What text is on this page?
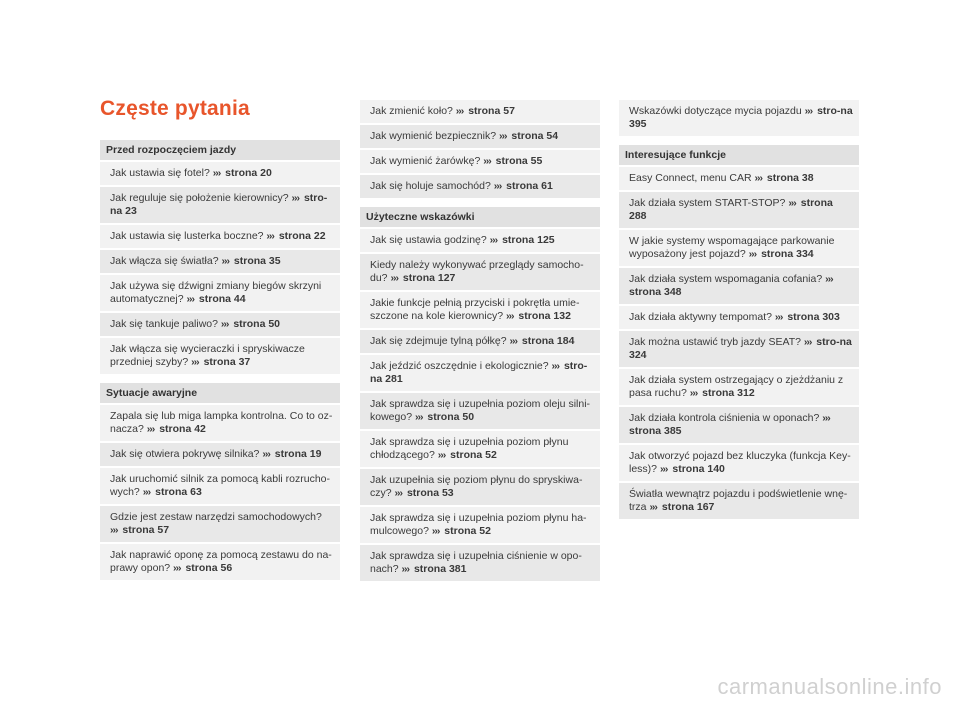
Częste pytania
Przed rozpoczęciem jazdy
Jak ustawia się fotel? ››› strona 20
Jak reguluje się położenie kierownicy? ››› stro-na 23
Jak ustawia się lusterka boczne? ››› strona 22
Jak włącza się światła? ››› strona 35
Jak używa się dźwigni zmiany biegów skrzyni automatycznej? ››› strona 44
Jak się tankuje paliwo? ››› strona 50
Jak włącza się wycieraczki i spryskiwacze przedniej szyby? ››› strona 37
Sytuacje awaryjne
Zapala się lub miga lampka kontrolna. Co to oz-nacza? ››› strona 42
Jak się otwiera pokrywę silnika? ››› strona 19
Jak uruchomić silnik za pomocą kabli rozrucho-wych? ››› strona 63
Gdzie jest zestaw narzędzi samochodowych? ››› strona 57
Jak naprawić oponę za pomocą zestawu do na-prawy opon? ››› strona 56
Jak zmienić koło? ››› strona 57
Jak wymienić bezpiecznik? ››› strona 54
Jak wymienić żarówkę? ››› strona 55
Jak się holuje samochód? ››› strona 61
Użyteczne wskazówki
Jak się ustawia godzinę? ››› strona 125
Kiedy należy wykonywać przeglądy samocho-du? ››› strona 127
Jakie funkcje pełnią przyciski i pokrętła umie-szczone na kole kierownicy? ››› strona 132
Jak się zdejmuje tylną półkę? ››› strona 184
Jak jeździć oszczędnie i ekologicznie? ››› stro-na 281
Jak sprawdza się i uzupełnia poziom oleju silni-kowego? ››› strona 50
Jak sprawdza się i uzupełnia poziom płynu chłodzącego? ››› strona 52
Jak uzupełnia się poziom płynu do spryskiwa-czy? ››› strona 53
Jak sprawdza się i uzupełnia poziom płynu ha-mulcowego? ››› strona 52
Jak sprawdza się i uzupełnia ciśnienie w opo-nach? ››› strona 381
Wskazówki dotyczące mycia pojazdu ››› stro-na 395
Interesujące funkcje
Easy Connect, menu CAR ››› strona 38
Jak działa system START-STOP? ››› strona 288
W jakie systemy wspomagające parkowanie wyposażony jest pojazd? ››› strona 334
Jak działa system wspomagania cofania? ››› strona 348
Jak działa aktywny tempomat? ››› strona 303
Jak można ustawić tryb jazdy SEAT? ››› stro-na 324
Jak działa system ostrzegający o zjeżdżaniu z pasa ruchu? ››› strona 312
Jak działa kontrola ciśnienia w oponach? ››› strona 385
Jak otworzyć pojazd bez kluczyka (funkcja Key-less)? ››› strona 140
Światła wewnątrz pojazdu i podświetlenie wnę-trza ››› strona 167
carmanualsonline.info
